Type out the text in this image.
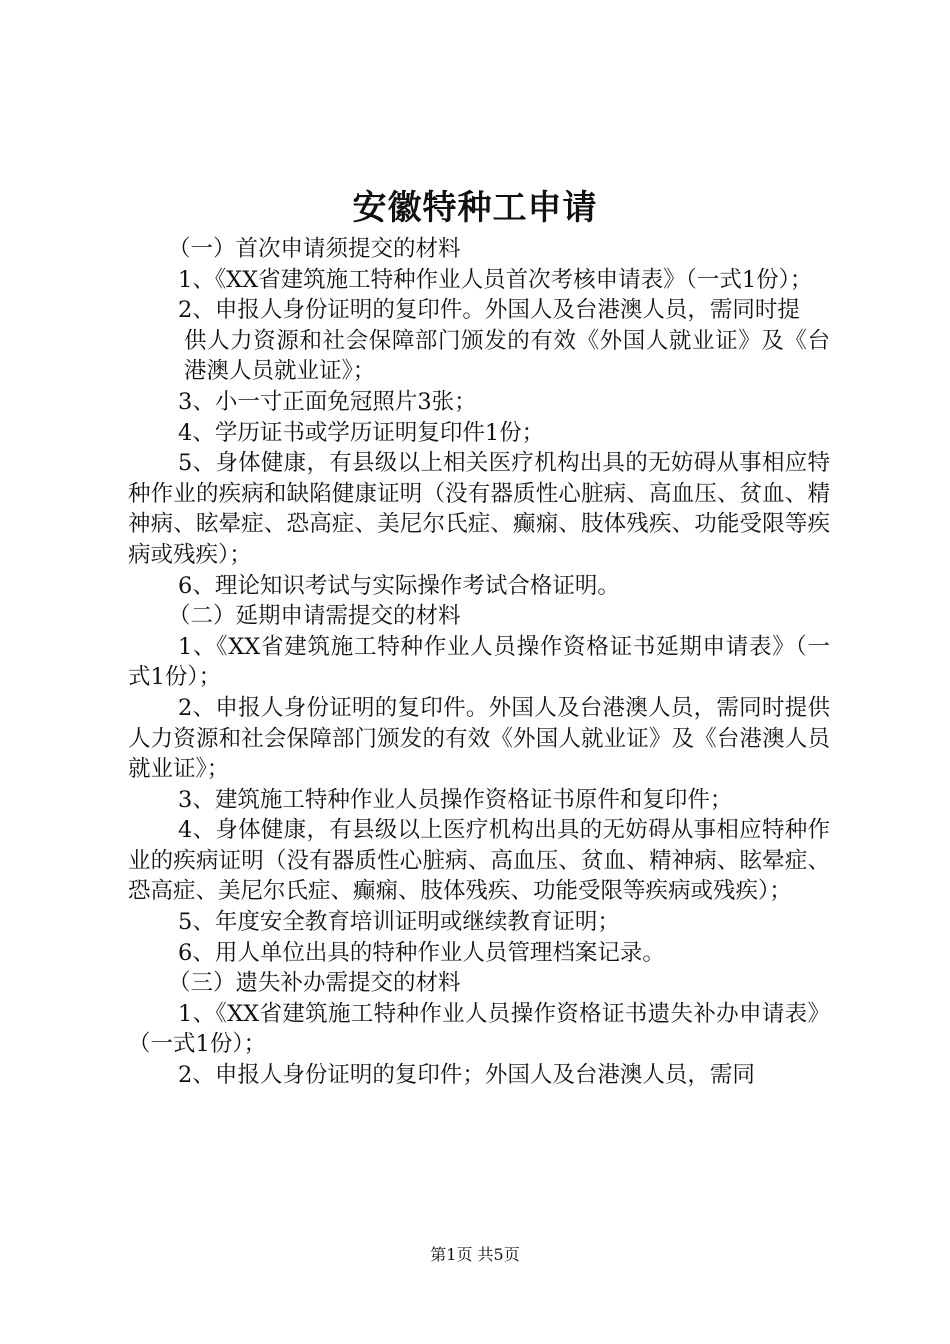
安徽特种工申请

（一）首次申请须提交的材料

1、《XX省建筑施工特种作业人员首次考核申请表》（一式1份）；

2、申报人身份证明的复印件。外国人及台港澳人员，需同时提

供人力资源和社会保障部门颁发的有效《外国人就业证》及《台港澳人员就业证》；

3、小一寸正面免冠照片3张；

4、学历证书或学历证明复印件1份；

5、身体健康，有县级以上相关医疗机构出具的无妨碍从事相应特种作业的疾病和缺陷健康证明（没有器质性心脏病、高血压、贫血、精神病、眩晕症、恐高症、美尼尔氏症、癫痫、肢体残疾、功能受限等疾病或残疾）；

6、理论知识考试与实际操作考试合格证明。

（二）延期申请需提交的材料

1、《XX省建筑施工特种作业人员操作资格证书延期申请表》（一式1份）；

2、申报人身份证明的复印件。外国人及台港澳人员，需同时提供人力资源和社会保障部门颁发的有效《外国人就业证》及《台港澳人员就业证》；

3、建筑施工特种作业人员操作资格证书原件和复印件；

4、身体健康，有县级以上医疗机构出具的无妨碍从事相应特种作业的疾病证明（没有器质性心脏病、高血压、贫血、精神病、眩晕症、恐高症、美尼尔氏症、癫痫、肢体残疾、功能受限等疾病或残疾）；

5、年度安全教育培训证明或继续教育证明；

6、用人单位出具的特种作业人员管理档案记录。

（三）遗失补办需提交的材料

1、《XX省建筑施工特种作业人员操作资格证书遗失补办申请表》（一式1份）；

2、申报人身份证明的复印件；外国人及台港澳人员，需同

第1页 共5页
